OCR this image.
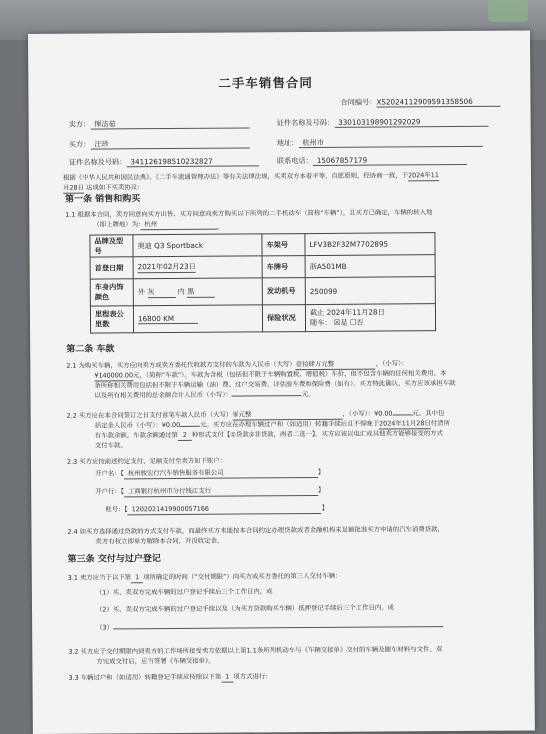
二手车销售合同
合同编号：XS2024112909591358506
卖方： 惲洁茹	证件名称及号码： 330103198901292029
买方： 汪珍	地址： 杭州市
证件名称及号码： 341126198510232827	联系电话： 15067857179
根据《中华人民共和国民法典》、《二手车流通管理办法》等有关法律法规，买卖双方本着平等、自愿原则，经协商一致，于2024年11
月28日 达成如下买卖协议：
第一条 销售和购买
1.1 根据本合同，卖方同意向买方出售、买方同意向卖方购买以下所列的二手机动车（简称“车辆”），且买方已确定，车辆的转入地
（即上牌地）为: 杭州
品牌及型号	奥迪 Q3 Sportback	车架号	LFV3B2F32M7702895
首登日期	2021年02月23日	车牌号	浙A501MB
车身内饰颜色	外 灰 内 黑	发动机号	250099
里程表公里数	16800 KM	保险状况	截止 2024年11月28日
随车： ☒是 ☐否
第二条 车款
2.1 为购买车辆，买方应向卖方或卖方委托代收款方支付的车款为人民币（大写）壹拾肆万元整	，（小写）：
¥140000.00元，（简称“车款”）。车款为含税（包括但不限于车辆购置税、增值税）车价，但不包含车辆的任何相关费用。本
条所称相关费用包括但不限于车辆运输（油）费、过户交易费、评估验车费和保险费（如有）。买方特此确认，买方应该承担车款
以及所有相关费用的总金额合计人民币（小写）：	元。
2.2 买方应在本合同签订之日支付首笔车款人民币（大写）零元整	，（小写）：¥0.00	元。其中包
括定金人民币（小写）：¥0.00	元。买方应在办理车辆过户和（如适用）转籍手续后且不得晚于2024年11月28日付清所
有车款余额。车款余额通过第 2 种形式支付【①贷款②非贷款，两者二选一】。买方应该以电汇或其他卖方能够接受的方式
支付车款。
2.3 买方应按前述约定支付、足额支付至卖方如下账户：
开户名：【 杭州骏宏行汽车销售服务有限公司	】
开户行：【 工商银行杭州市分行钱江支行	】
账号：【 1202021419900057166	】
2.4 如买方选择通过贷款的方式支付车款，而最终买方未能按本合同约定办理贷款或者金融机构未足额批准买方申请的汽车消费贷款，
卖方有权立即单方解除本合同，并没收定金。
第三条 交付与过户登记
3.1 卖方应当于以下第 1 项所确定的时间（“交付期限”）向买方或买方委托的第三人交付车辆：
（1）买、卖双方完成车辆的过户登记手续后三个工作日内，或
（2）买、卖双方完成车辆的过户登记手续以及（为买方贷款购买车辆）抵押登记手续后三个工作日内，或
（3）
3.2 买方应于交付期限内到卖方的工作场所接受卖方依据以上第1.1条所列机动车与《车辆交接单》交付的车辆及随车材料与文件。双
方完成交付后，应当签署《车辆交接单》。
3.3 车辆过户和（如适用）转籍登记手续应按照以下第 1 项方式进行:
